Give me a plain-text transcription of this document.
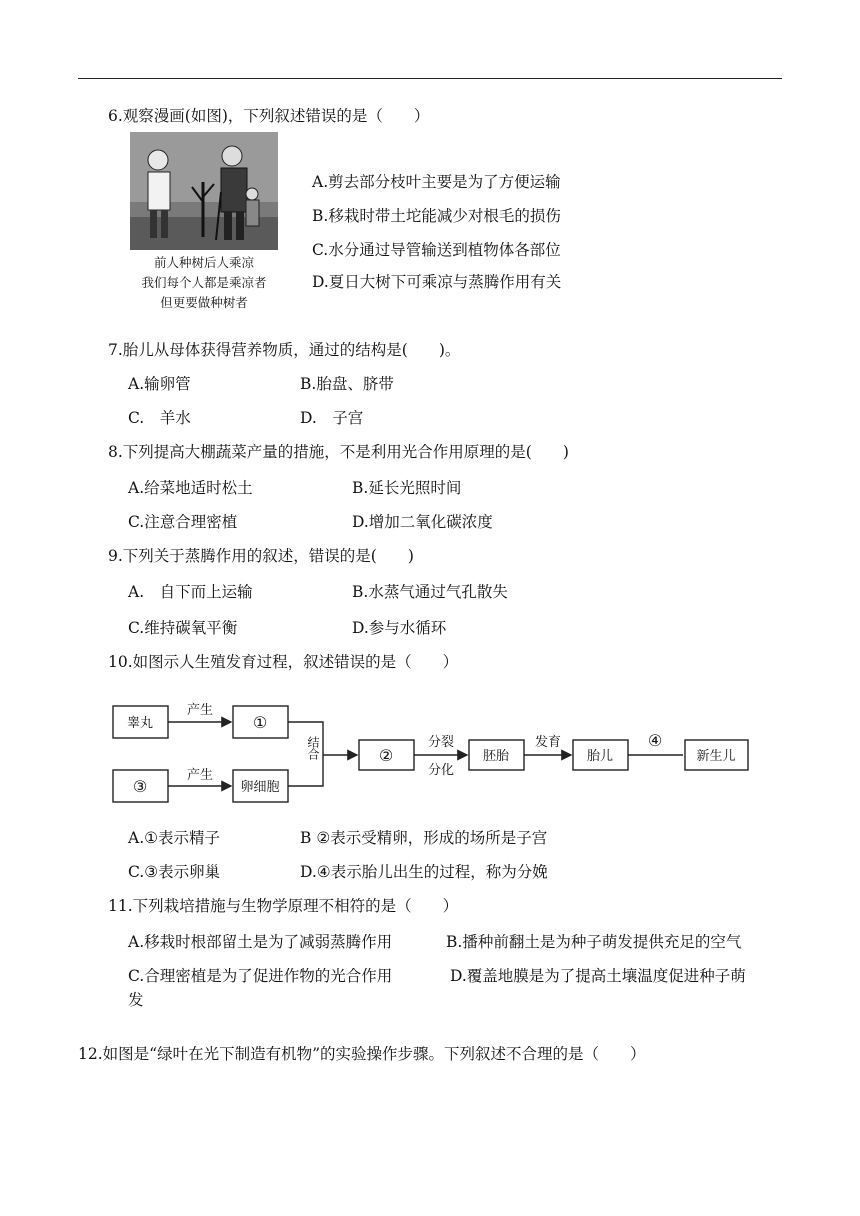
6.观察漫画(如图)，下列叙述错误的是（　　）
前人种树后人乘凉
我们每个人都是乘凉者
但更要做种树者
A.剪去部分枝叶主要是为了方便运输
B.移栽时带土坨能减少对根毛的损伤
C.水分通过导管输送到植物体各部位
D.夏日大树下可乘凉与蒸腾作用有关
7.胎儿从母体获得营养物质，通过的结构是(　　)。
A.输卵管	B.胎盘、脐带
C.　羊水	D.　子宫
8.下列提高大棚蔬菜产量的措施，不是利用光合作用原理的是(　　)
A.给菜地适时松土	B.延长光照时间
C.注意合理密植	D.增加二氧化碳浓度
9.下列关于蒸腾作用的叙述，错误的是(　　)
A.　自下而上运输	B.水蒸气通过气孔散失
C.维持碳氧平衡	D.参与水循环
10.如图示人生殖发育过程，叙述错误的是（　　）
睾丸
产生
①
③
产生
卵细胞
结合	②
分裂
分化
胚胎
发育
胎儿
④
新生儿
A.①表示精子	B ②表示受精卵，形成的场所是子宫
C.③表示卵巢	D.④表示胎儿出生的过程，称为分娩
11.下列栽培措施与生物学原理不相符的是（　　）
A.移栽时根部留土是为了减弱蒸腾作用	B.播种前翻土是为种子萌发提供充足的空气
C.合理密植是为了促进作物的光合作用	D.覆盖地膜是为了提高土壤温度促进种子萌
发
12.如图是“绿叶在光下制造有机物”的实验操作步骤。下列叙述不合理的是（　　）
